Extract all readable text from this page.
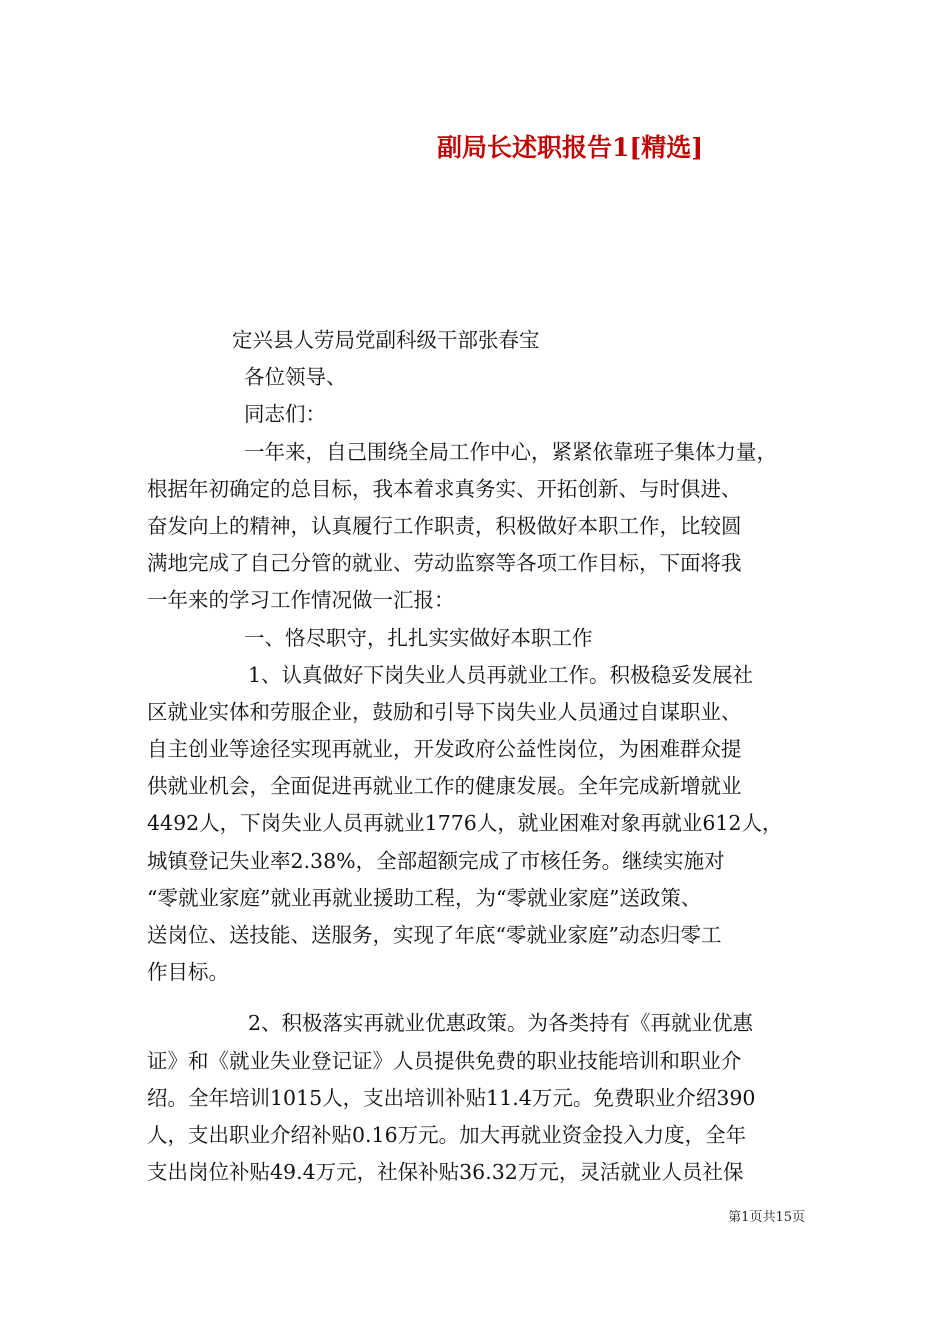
副局长述职报告1[精选]
定兴县人劳局党副科级干部张春宝
各位领导、
同志们：
一年来，自己围绕全局工作中心，紧紧依靠班子集体力量，
根据年初确定的总目标，我本着求真务实、开拓创新、与时俱进、
奋发向上的精神，认真履行工作职责，积极做好本职工作，比较圆
满地完成了自己分管的就业、劳动监察等各项工作目标，下面将我
一年来的学习工作情况做一汇报：
一、恪尽职守，扎扎实实做好本职工作
1、认真做好下岗失业人员再就业工作。积极稳妥发展社
区就业实体和劳服企业，鼓励和引导下岗失业人员通过自谋职业、
自主创业等途径实现再就业，开发政府公益性岗位，为困难群众提
供就业机会，全面促进再就业工作的健康发展。全年完成新增就业
4492人，下岗失业人员再就业1776人，就业困难对象再就业612人，
城镇登记失业率2.38%，全部超额完成了市核任务。继续实施对
“零就业家庭”就业再就业援助工程，为“零就业家庭”送政策、
送岗位、送技能、送服务，实现了年底“零就业家庭”动态归零工
作目标。
2、积极落实再就业优惠政策。为各类持有《再就业优惠
证》和《就业失业登记证》人员提供免费的职业技能培训和职业介
绍。全年培训1015人，支出培训补贴11.4万元。免费职业介绍390
人，支出职业介绍补贴0.16万元。加大再就业资金投入力度，全年
支出岗位补贴49.4万元，社保补贴36.32万元，灵活就业人员社保
第1页共15页
